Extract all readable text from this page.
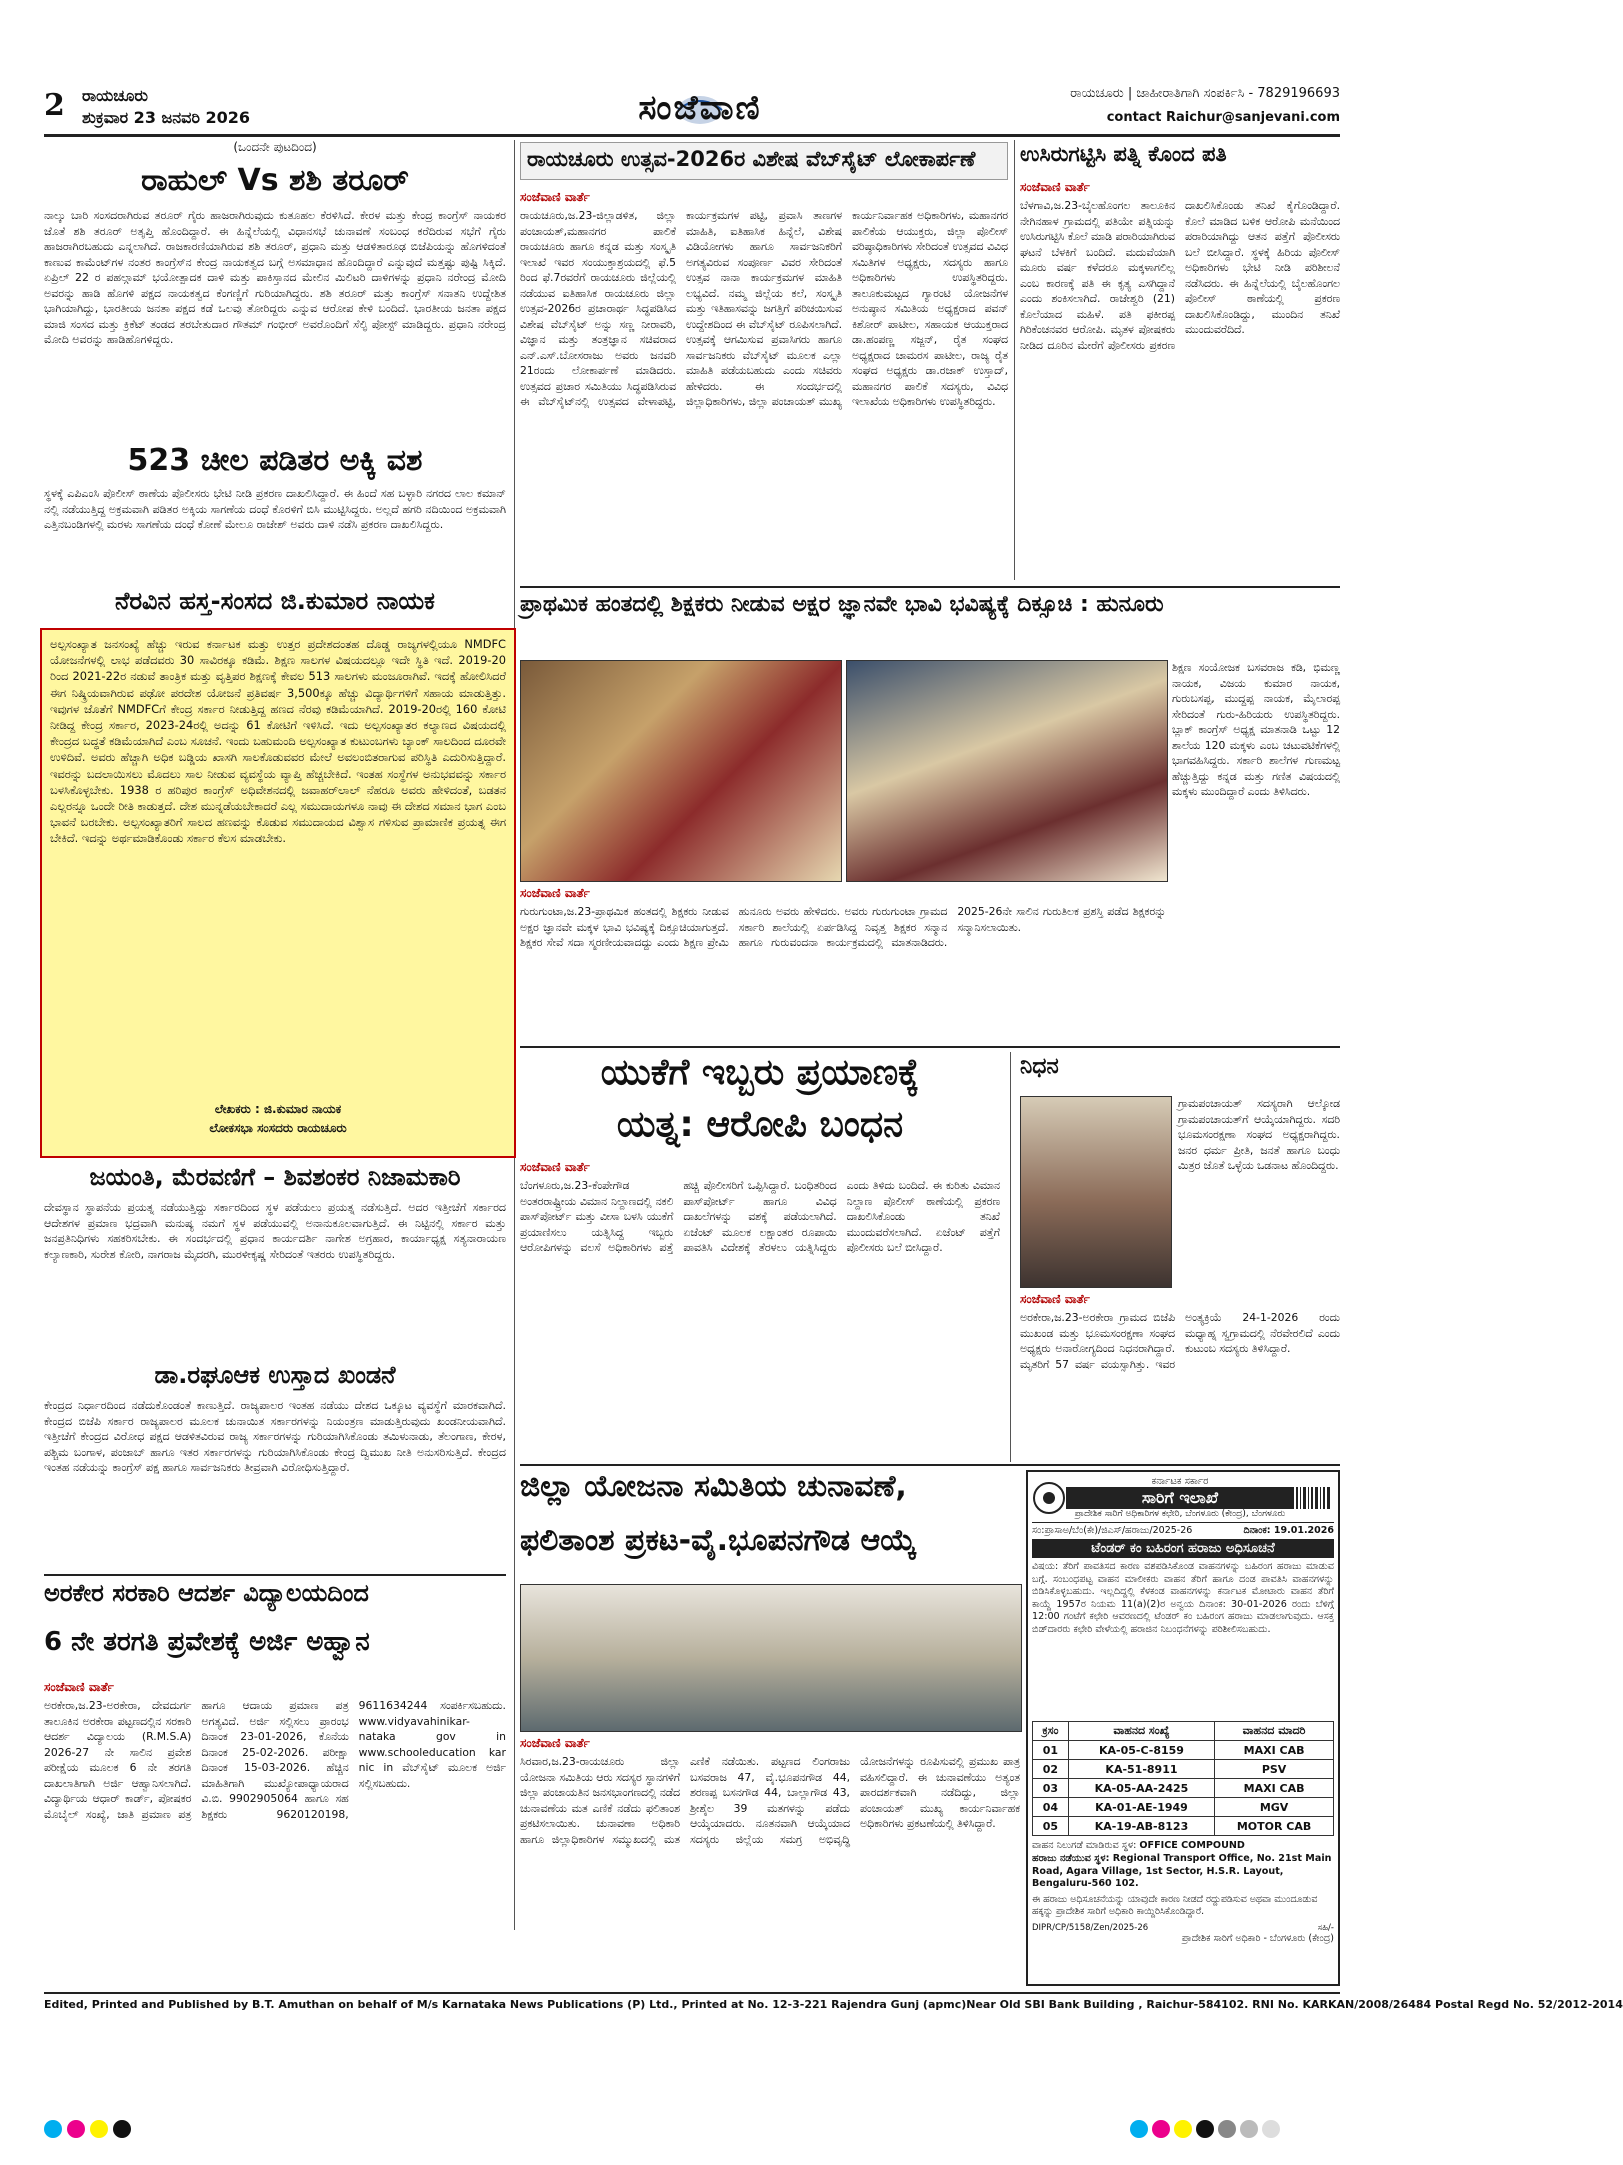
2	ರಾಯಚೂರು
ಶುಕ್ರವಾರ 23 ಜನವರಿ 2026	ಸಂಜೆವಾಣಿ	ರಾಯಚೂರು | ಜಾಹೀರಾತಿಗಾಗಿ ಸಂಪರ್ಕಿಸಿ - 7829196693
contact Raichur@sanjevani.com
(ಒಂದನೇ ಪುಟದಿಂದ)
ರಾಹುಲ್ Vs ಶಶಿ ತರೂರ್
ನಾಲ್ಕು ಬಾರಿ ಸಂಸದರಾಗಿರುವ ತರೂರ್ ಗೈರು ಹಾಜರಾಗಿರುವುದು ಕುತೂಹಲ ಕೆರಳಿಸಿದೆ. ಕೇರಳ ಮತ್ತು ಕೇಂದ್ರ ಕಾಂಗ್ರೆಸ್ ನಾಯಕರ ಜೊತೆ ಶಶಿ ತರೂರ್ ಅತೃಪ್ತಿ ಹೊಂದಿದ್ದಾರೆ. ಈ ಹಿನ್ನೆಲೆಯಲ್ಲಿ ವಿಧಾನಸಭೆ ಚುನಾವಣೆ ಸಂಬಂಧ ಕರೆದಿರುವ ಸಭೆಗೆ ಗೈರು ಹಾಜರಾಗಿರಬಹುದು ಎನ್ನಲಾಗಿದೆ. ರಾಜಕಾರಣಿಯಾಗಿರುವ ಶಶಿ ತರೂರ್, ಪ್ರಧಾನಿ ಮತ್ತು ಆಡಳಿತಾರೂಢ ಬಿಜೆಪಿಯನ್ನು ಹೊಗಳಿದಂತೆ ಕಾಣುವ ಕಾಮೆಂಟ್‌ಗಳ ನಂತರ ಕಾಂಗ್ರೆಸ್‌ನ ಕೇಂದ್ರ ನಾಯಕತ್ವದ ಬಗ್ಗೆ ಅಸಮಾಧಾನ ಹೊಂದಿದ್ದಾರೆ ಎನ್ನುವುದೆ ಮತ್ತಷ್ಟು ಪುಷ್ಟಿ ಸಿಕ್ಕಿದೆ. ಏಪ್ರಿಲ್ 22 ರ ಪಹಲ್ಗಾಮ್ ಭಯೋತ್ಪಾದಕ ದಾಳಿ ಮತ್ತು ಪಾಕಿಸ್ತಾನದ ಮೇಲಿನ ಮಿಲಿಟರಿ ದಾಳಿಗಳನ್ನು ಪ್ರಧಾನಿ ನರೇಂದ್ರ ಮೋದಿ ಅವರನ್ನು ಹಾಡಿ ಹೊಗಳಿ ಪಕ್ಷದ ನಾಯಕತ್ವದ ಕೆಂಗಣ್ಣಿಗೆ ಗುರಿಯಾಗಿದ್ದರು. ಶಶಿ ತರೂರ್ ಮತ್ತು ಕಾಂಗ್ರೆಸ್ ಸನಾತನಿ ಉದ್ದೇಶಿತ ಭಾಗಿಯಾಗಿದ್ದು, ಭಾರತೀಯ ಜನತಾ ಪಕ್ಷದ ಕಡೆ ಒಲವು ತೋರಿದ್ದರು ಎನ್ನುವ ಆರೋಪ ಕೇಳಿ ಬಂದಿದೆ. ಭಾರತೀಯ ಜನತಾ ಪಕ್ಷದ ಮಾಜಿ ಸಂಸದ ಮತ್ತು ಕ್ರಿಕೆಟ್ ತಂಡದ ತರಬೇತುದಾರ ಗೌತಮ್ ಗಂಭೀರ್ ಅವರೊಂದಿಗೆ ಸೆಲ್ಫಿ ಪೋಸ್ಟ್ ಮಾಡಿದ್ದರು. ಪ್ರಧಾನಿ ನರೇಂದ್ರ ಮೋದಿ ಅವರನ್ನು ಹಾಡಿಹೊಗಳಿದ್ದರು.
523 ಚೀಲ ಪಡಿತರ ಅಕ್ಕಿ ವಶ
ಸ್ಥಳಕ್ಕೆ ಎಪಿಎಂಸಿ ಪೊಲೀಸ್ ಠಾಣೆಯ ಪೊಲೀಸರು ಭೇಟಿ ನೀಡಿ ಪ್ರಕರಣ ದಾಖಲಿಸಿದ್ದಾರೆ. ಈ ಹಿಂದೆ ಸಹ ಬಳ್ಳಾರಿ ನಗರದ ಲಾಲ ಕಮಾನ್ ನಲ್ಲಿ ನಡೆಯುತ್ತಿದ್ದ ಅಕ್ರಮವಾಗಿ ಪಡಿತರ ಅಕ್ಕಿಯ ಸಾಗಣೆಯ ದಂಧೆ ಕೊರಳಿಗೆ ಬಿಸಿ ಮುಟ್ಟಿಸಿದ್ದರು. ಅಲ್ಲದೆ ಹಗರಿ ನದಿಯಿಂದ ಅಕ್ರಮವಾಗಿ ಎತ್ತಿನಬಂಡಿಗಳಲ್ಲಿ ಮರಳು ಸಾಗಣೆಯ ದಂಧೆ ಕೋಣೆ ಮೇಲೂ ರಾಜೇಶ್ ಅವರು ದಾಳಿ ನಡೆಸಿ ಪ್ರಕರಣ ದಾಖಲಿಸಿದ್ದರು.
ನೆರವಿನ ಹಸ್ತ-ಸಂಸದ ಜಿ.ಕುಮಾರ ನಾಯಕ
ಅಲ್ಪಸಂಖ್ಯಾತ ಜನಸಂಖ್ಯೆ ಹೆಚ್ಚು ಇರುವ ಕರ್ನಾಟಕ ಮತ್ತು ಉತ್ತರ ಪ್ರದೇಶದಂತಹ ದೊಡ್ಡ ರಾಜ್ಯಗಳಲ್ಲಿಯೂ NMDFC ಯೋಜನೆಗಳಲ್ಲಿ ಲಾಭ ಪಡೆದವರು 30 ಸಾವಿರಕ್ಕೂ ಕಡಿಮೆ. ಶಿಕ್ಷಣ ಸಾಲಗಳ ವಿಷಯದಲ್ಲೂ ಇದೇ ಸ್ಥಿತಿ ಇದೆ. 2019-20 ರಿಂದ 2021-22ರ ನಡುವೆ ತಾಂತ್ರಿಕ ಮತ್ತು ವೃತ್ತಿಪರ ಶಿಕ್ಷಣಕ್ಕೆ ಕೇವಲ 513 ಸಾಲಗಳು ಮಂಜೂರಾಗಿವೆ. ಇದಕ್ಕೆ ಹೋಲಿಸಿದರೆ ಈಗ ನಿಷ್ಕ್ರಿಯವಾಗಿರುವ ಪಢೋ ಪರದೇಶ ಯೋಜನೆ ಪ್ರತಿವರ್ಷ 3,500ಕ್ಕೂ ಹೆಚ್ಚು ವಿದ್ಯಾರ್ಥಿಗಳಿಗೆ ಸಹಾಯ ಮಾಡುತ್ತಿತ್ತು. ಇವುಗಳ ಜೊತೆಗೆ NMDFCಗೆ ಕೇಂದ್ರ ಸರ್ಕಾರ ನೀಡುತ್ತಿದ್ದ ಹಣದ ನೆರವು ಕಡಿಮೆಯಾಗಿದೆ. 2019-20ರಲ್ಲಿ 160 ಕೋಟಿ ನೀಡಿದ್ದ ಕೇಂದ್ರ ಸರ್ಕಾರ, 2023-24ರಲ್ಲಿ ಅದನ್ನು 61 ಕೋಟಿಗೆ ಇಳಿಸಿದೆ. ಇದು ಅಲ್ಪಸಂಖ್ಯಾತರ ಕಲ್ಯಾಣದ ವಿಷಯದಲ್ಲಿ ಕೇಂದ್ರದ ಬದ್ಧತೆ ಕಡಿಮೆಯಾಗಿದೆ ಎಂಬ ಸೂಚನೆ. ಇಂದು ಬಹುಮಂದಿ ಅಲ್ಪಸಂಖ್ಯಾತ ಕುಟುಂಬಗಳು ಬ್ಯಾಂಕ್ ಸಾಲದಿಂದ ದೂರವೇ ಉಳಿದಿವೆ. ಅವರು ಹೆಚ್ಚಾಗಿ ಅಧಿಕ ಬಡ್ಡಿಯ ಖಾಸಗಿ ಸಾಲಕೊಡುವವರ ಮೇಲೆ ಅವಲಂಬಿತರಾಗುವ ಪರಿಸ್ಥಿತಿ ಎದುರಿಸುತ್ತಿದ್ದಾರೆ. ಇವರನ್ನು ಬದಲಾಯಿಸಲು ಮೊದಲು ಸಾಲ ನೀಡುವ ವ್ಯವಸ್ಥೆಯ ವ್ಯಾಪ್ತಿ ಹೆಚ್ಚಬೇಕಿದೆ. ಇಂತಹ ಸಂಸ್ಥೆಗಳ ಅನುಭವವನ್ನು ಸರ್ಕಾರ ಬಳಸಿಕೊಳ್ಳಬೇಕು. 1938 ರ ಹರಿಪುರ ಕಾಂಗ್ರೆಸ್ ಅಧಿವೇಶನದಲ್ಲಿ ಜವಾಹರ್‌ಲಾಲ್ ನೆಹರೂ ಅವರು ಹೇಳಿದಂತೆ, ಬಡತನ ಎಲ್ಲರನ್ನೂ ಒಂದೇ ರೀತಿ ಕಾಡುತ್ತದೆ. ದೇಶ ಮುನ್ನಡೆಯಬೇಕಾದರೆ ಎಲ್ಲ ಸಮುದಾಯಗಳೂ ನಾವು ಈ ದೇಶದ ಸಮಾನ ಭಾಗ ಎಂಬ ಭಾವನೆ ಬರಬೇಕು. ಅಲ್ಪಸಂಖ್ಯಾತರಿಗೆ ಸಾಲದ ಹಣವನ್ನು ಕೊಡುವ ಸಮುದಾಯದ ವಿಶ್ವಾಸ ಗಳಿಸುವ ಪ್ರಾಮಾಣಿಕ ಪ್ರಯತ್ನ ಈಗ ಬೇಕಿದೆ. ಇದನ್ನು ಅರ್ಥಮಾಡಿಕೊಂಡು ಸರ್ಕಾರ ಕೆಲಸ ಮಾಡಬೇಕು.
ಲೇಖಕರು : ಜಿ.ಕುಮಾರ ನಾಯಕ
ಲೋಕಸಭಾ ಸಂಸದರು ರಾಯಚೂರು
ಜಯಂತಿ, ಮೆರವಣಿಗೆ – ಶಿವಶಂಕರ ನಿಜಾಮಕಾರಿ
ದೇವಸ್ಥಾನ ಸ್ಥಾಪನೆಯ ಪ್ರಯತ್ನ ನಡೆಯುತ್ತಿದ್ದು ಸರ್ಕಾರದಿಂದ ಸ್ಥಳ ಪಡೆಯಲು ಪ್ರಯತ್ನ ನಡೆಸುತ್ತಿದೆ. ಅದರ ಇತ್ತೀಚೆಗೆ ಸರ್ಕಾರದ ಆದೇಶಗಳ ಪ್ರಮಾಣ ಭದ್ರವಾಗಿ ಮನುಷ್ಯ ನಮಗೆ ಸ್ಥಳ ಪಡೆಯುವಲ್ಲಿ ಅನಾನುಕೂಲವಾಗುತ್ತಿದೆ. ಈ ನಿಟ್ಟಿನಲ್ಲಿ ಸರ್ಕಾರ ಮತ್ತು ಜನಪ್ರತಿನಿಧಿಗಳು ಸಹಕರಿಸಬೇಕು. ಈ ಸಂದರ್ಭದಲ್ಲಿ ಪ್ರಧಾನ ಕಾರ್ಯದರ್ಶಿ ನಾಗೇಶ ಅಗ್ರಹಾರ, ಕಾರ್ಯಾಧ್ಯಕ್ಷ ಸತ್ಯನಾರಾಯಣ ಕಲ್ಯಾಣಕಾರಿ, ಸುರೇಶ ಕೋರಿ, ನಾಗರಾಜ ಮೈದರಗಿ, ಮುರಳೀಕೃಷ್ಣ ಸೇರಿದಂತೆ ಇತರರು ಉಪಸ್ಥಿತರಿದ್ದರು.
ಡಾ.ರಘೂಆಕ ಉಸ್ತಾದ ಖಂಡನೆ
ಕೇಂದ್ರದ ನಿರ್ಧಾರದಿಂದ ನಡೆದುಕೊಂಡಂತೆ ಕಾಣುತ್ತಿದೆ. ರಾಜ್ಯಪಾಲರ ಇಂತಹ ನಡೆಯು ದೇಶದ ಒಕ್ಕೂಟ ವ್ಯವಸ್ಥೆಗೆ ಮಾರಕವಾಗಿದೆ. ಕೇಂದ್ರದ ಬಿಜೆಪಿ ಸರ್ಕಾರ ರಾಜ್ಯಪಾಲರ ಮೂಲಕ ಚುನಾಯಿತ ಸರ್ಕಾರಗಳನ್ನು ನಿಯಂತ್ರಣ ಮಾಡುತ್ತಿರುವುದು ಖಂಡನೀಯವಾಗಿದೆ. ಇತ್ತೀಚೆಗೆ ಕೇಂದ್ರದ ವಿರೋಧ ಪಕ್ಷದ ಆಡಳಿತವಿರುವ ರಾಜ್ಯ ಸರ್ಕಾರಗಳನ್ನು ಗುರಿಯಾಗಿಸಿಕೊಂಡು ತಮಿಳುನಾಡು, ತೆಲಂಗಾಣ, ಕೇರಳ, ಪಶ್ಚಿಮ ಬಂಗಾಳ, ಪಂಜಾಬ್ ಹಾಗೂ ಇತರ ಸರ್ಕಾರಗಳನ್ನು ಗುರಿಯಾಗಿಸಿಕೊಂಡು ಕೇಂದ್ರ ದ್ವಿಮುಖ ನೀತಿ ಅನುಸರಿಸುತ್ತಿದೆ. ಕೇಂದ್ರದ ಇಂತಹ ನಡೆಯನ್ನು ಕಾಂಗ್ರೆಸ್ ಪಕ್ಷ ಹಾಗೂ ಸಾರ್ವಜನಿಕರು ತೀವ್ರವಾಗಿ ವಿರೋಧಿಸುತ್ತಿದ್ದಾರೆ.
ರಾಯಚೂರು ಉತ್ಸವ-2026ರ ವಿಶೇಷ ವೆಬ್‌ಸೈಟ್ ಲೋಕಾರ್ಪಣೆ
ಸಂಜೆವಾಣಿ ವಾರ್ತೆ
ರಾಯಚೂರು,ಜ.23-ಜಿಲ್ಲಾಡಳಿತ, ಜಿಲ್ಲಾ ಪಂಚಾಯತ್,ಮಹಾನಗರ ಪಾಲಿಕೆ ರಾಯಚೂರು ಹಾಗೂ ಕನ್ನಡ ಮತ್ತು ಸಂಸ್ಕೃತಿ ಇಲಾಖೆ ಇವರ ಸಂಯುಕ್ತಾಶ್ರಯದಲ್ಲಿ ಫೆ.5 ರಿಂದ ಫೆ.7ರವರೆಗೆ ರಾಯಚೂರು ಜಿಲ್ಲೆಯಲ್ಲಿ ನಡೆಯುವ ಐತಿಹಾಸಿಕ ರಾಯಚೂರು ಜಿಲ್ಲಾ ಉತ್ಸವ-2026ರ ಪ್ರಚಾರಾರ್ಥ ಸಿದ್ಧಪಡಿಸಿದ ವಿಶೇಷ ವೆಬ್‌ಸೈಟ್ ಅನ್ನು ಸಣ್ಣ ನೀರಾವರಿ, ವಿಜ್ಞಾನ ಮತ್ತು ತಂತ್ರಜ್ಞಾನ ಸಚಿವರಾದ ಎನ್.ಎಸ್.ಬೋಸರಾಜು ಅವರು ಜನವರಿ 21ರಂದು ಲೋಕಾರ್ಪಣೆ ಮಾಡಿದರು. ಉತ್ಸವದ ಪ್ರಚಾರ ಸಮಿತಿಯು ಸಿದ್ಧಪಡಿಸಿರುವ ಈ ವೆಬ್‌ಸೈಟ್‌ನಲ್ಲಿ ಉತ್ಸವದ ವೇಳಾಪಟ್ಟಿ, ಕಾರ್ಯಕ್ರಮಗಳ ಪಟ್ಟಿ, ಪ್ರವಾಸಿ ತಾಣಗಳ ಮಾಹಿತಿ, ಐತಿಹಾಸಿಕ ಹಿನ್ನೆಲೆ, ವಿಶೇಷ ವಿಡಿಯೋಗಳು ಹಾಗೂ ಸಾರ್ವಜನಿಕರಿಗೆ ಅಗತ್ಯವಿರುವ ಸಂಪೂರ್ಣ ವಿವರ ಸೇರಿದಂತೆ ಉತ್ಸವ ನಾನಾ ಕಾರ್ಯಕ್ರಮಗಳ ಮಾಹಿತಿ ಲಭ್ಯವಿದೆ. ನಮ್ಮ ಜಿಲ್ಲೆಯ ಕಲೆ, ಸಂಸ್ಕೃತಿ ಮತ್ತು ಇತಿಹಾಸವನ್ನು ಜಗತ್ತಿಗೆ ಪರಿಚಯಿಸುವ ಉದ್ದೇಶದಿಂದ ಈ ವೆಬ್‌ಸೈಟ್ ರೂಪಿಸಲಾಗಿದೆ. ಉತ್ಸವಕ್ಕೆ ಆಗಮಿಸುವ ಪ್ರವಾಸಿಗರು ಹಾಗೂ ಸಾರ್ವಜನಿಕರು ವೆಬ್‌ಸೈಟ್ ಮೂಲಕ ಎಲ್ಲಾ ಮಾಹಿತಿ ಪಡೆಯಬಹುದು ಎಂದು ಸಚಿವರು ಹೇಳಿದರು. ಈ ಸಂದರ್ಭದಲ್ಲಿ ಜಿಲ್ಲಾಧಿಕಾರಿಗಳು, ಜಿಲ್ಲಾ ಪಂಚಾಯತ್ ಮುಖ್ಯ ಕಾರ್ಯನಿರ್ವಾಹಕ ಅಧಿಕಾರಿಗಳು, ಮಹಾನಗರ ಪಾಲಿಕೆಯ ಆಯುಕ್ತರು, ಜಿಲ್ಲಾ ಪೊಲೀಸ್ ವರಿಷ್ಠಾಧಿಕಾರಿಗಳು ಸೇರಿದಂತೆ ಉತ್ಸವದ ವಿವಿಧ ಸಮಿತಿಗಳ ಅಧ್ಯಕ್ಷರು, ಸದಸ್ಯರು ಹಾಗೂ ಅಧಿಕಾರಿಗಳು ಉಪಸ್ಥಿತರಿದ್ದರು. ತಾಲೂಕುಮಟ್ಟದ ಗ್ಯಾರಂಟಿ ಯೋಜನೆಗಳ ಅನುಷ್ಠಾನ ಸಮಿತಿಯ ಅಧ್ಯಕ್ಷರಾದ ಪವನ್ ಕಿಶೋರ್ ಪಾಟೀಲ, ಸಹಾಯಕ ಆಯುಕ್ತರಾದ ಡಾ.ಹಂಪಣ್ಣ ಸಜ್ಜನ್, ರೈತ ಸಂಘದ ಅಧ್ಯಕ್ಷರಾದ ಚಾಮರಸ ಪಾಟೀಲ, ರಾಜ್ಯ ರೈತ ಸಂಘದ ಅಧ್ಯಕ್ಷರು ಡಾ.ರಜಾಕ್ ಉಸ್ತಾದ್, ಮಹಾನಗರ ಪಾಲಿಕೆ ಸದಸ್ಯರು, ವಿವಿಧ ಇಲಾಖೆಯ ಅಧಿಕಾರಿಗಳು ಉಪಸ್ಥಿತರಿದ್ದರು.
ಉಸಿರುಗಟ್ಟಿಸಿ ಪತ್ನಿ ಕೊಂದ ಪತಿ
ಸಂಜೆವಾಣಿ ವಾರ್ತೆ
ಬೆಳಗಾವಿ,ಜ.23-ಬೈಲಹೊಂಗಲ ತಾಲೂಕಿನ ನೇಗಿನಹಾಳ ಗ್ರಾಮದಲ್ಲಿ ಪತಿಯೇ ಪತ್ನಿಯನ್ನು ಉಸಿರುಗಟ್ಟಿಸಿ ಕೊಲೆ ಮಾಡಿ ಪರಾರಿಯಾಗಿರುವ ಘಟನೆ ಬೆಳಕಿಗೆ ಬಂದಿದೆ. ಮದುವೆಯಾಗಿ ಮೂರು ವರ್ಷ ಕಳೆದರೂ ಮಕ್ಕಳಾಗಲಿಲ್ಲ ಎಂಬ ಕಾರಣಕ್ಕೆ ಪತಿ ಈ ಕೃತ್ಯ ಎಸಗಿದ್ದಾನೆ ಎಂದು ಶಂಕಿಸಲಾಗಿದೆ. ರಾಜೇಶ್ವರಿ (21) ಕೊಲೆಯಾದ ಮಹಿಳೆ. ಪತಿ ಫಕೀರಪ್ಪ ಗಿರಿಕೆಂಚನವರ ಆರೋಪಿ. ಮೃತಳ ಪೋಷಕರು ನೀಡಿದ ದೂರಿನ ಮೇರೆಗೆ ಪೊಲೀಸರು ಪ್ರಕರಣ ದಾಖಲಿಸಿಕೊಂಡು ತನಿಖೆ ಕೈಗೊಂಡಿದ್ದಾರೆ. ಕೊಲೆ ಮಾಡಿದ ಬಳಿಕ ಆರೋಪಿ ಮನೆಯಿಂದ ಪರಾರಿಯಾಗಿದ್ದು ಆತನ ಪತ್ತೆಗೆ ಪೊಲೀಸರು ಬಲೆ ಬೀಸಿದ್ದಾರೆ. ಸ್ಥಳಕ್ಕೆ ಹಿರಿಯ ಪೊಲೀಸ್ ಅಧಿಕಾರಿಗಳು ಭೇಟಿ ನೀಡಿ ಪರಿಶೀಲನೆ ನಡೆಸಿದರು. ಈ ಹಿನ್ನೆಲೆಯಲ್ಲಿ ಬೈಲಹೊಂಗಲ ಪೊಲೀಸ್ ಠಾಣೆಯಲ್ಲಿ ಪ್ರಕರಣ ದಾಖಲಿಸಿಕೊಂಡಿದ್ದು, ಮುಂದಿನ ತನಿಖೆ ಮುಂದುವರೆದಿದೆ.
ಪ್ರಾಥಮಿಕ ಹಂತದಲ್ಲಿ ಶಿಕ್ಷಕರು ನೀಡುವ ಅಕ್ಷರ ಜ್ಞಾನವೇ ಭಾವಿ ಭವಿಷ್ಯಕ್ಕೆ ದಿಕ್ಸೂಚಿ : ಹುನೂರು
ಶಿಕ್ಷಣ ಸಂಯೋಜಕ ಬಸವರಾಜ ಕಡಿ, ಭಿಮಣ್ಣ ನಾಯಕ, ವಿಜಯ ಕುಮಾರ ನಾಯಕ, ಗುರುಬಸಪ್ಪ, ಮುದ್ದಪ್ಪ ನಾಯಕ, ಮೈಲಾರಪ್ಪ ಸೇರಿದಂತೆ ಗುರು-ಹಿರಿಯರು ಉಪಸ್ಥಿತರಿದ್ದರು. ಬ್ಲಾಕ್ ಕಾಂಗ್ರೆಸ್ ಅಧ್ಯಕ್ಷ ಮಾತನಾಡಿ ಒಟ್ಟು 12 ಶಾಲೆಯ 120 ಮಕ್ಕಳು ಎಂಬ ಚಟುವಟಿಕೆಗಳಲ್ಲಿ ಭಾಗವಹಿಸಿದ್ದರು. ಸರ್ಕಾರಿ ಶಾಲೆಗಳ ಗುಣಮಟ್ಟ ಹೆಚ್ಚುತ್ತಿದ್ದು ಕನ್ನಡ ಮತ್ತು ಗಣಿತ ವಿಷಯದಲ್ಲಿ ಮಕ್ಕಳು ಮುಂದಿದ್ದಾರೆ ಎಂದು ತಿಳಿಸಿದರು.
ಸಂಜೆವಾಣಿ ವಾರ್ತೆ
ಗುರುಗುಂಟಾ,ಜ.23-ಪ್ರಾಥಮಿಕ ಹಂತದಲ್ಲಿ ಶಿಕ್ಷಕರು ನೀಡುವ ಅಕ್ಷರ ಜ್ಞಾನವೇ ಮಕ್ಕಳ ಭಾವಿ ಭವಿಷ್ಯಕ್ಕೆ ದಿಕ್ಸೂಚಿಯಾಗುತ್ತದೆ. ಶಿಕ್ಷಕರ ಸೇವೆ ಸದಾ ಸ್ಮರಣೀಯವಾದದ್ದು ಎಂದು ಶಿಕ್ಷಣ ಪ್ರೇಮಿ ಹುನೂರು ಅವರು ಹೇಳಿದರು. ಅವರು ಗುರುಗುಂಟಾ ಗ್ರಾಮದ ಸರ್ಕಾರಿ ಶಾಲೆಯಲ್ಲಿ ಏರ್ಪಡಿಸಿದ್ದ ನಿವೃತ್ತ ಶಿಕ್ಷಕರ ಸನ್ಮಾನ ಹಾಗೂ ಗುರುವಂದನಾ ಕಾರ್ಯಕ್ರಮದಲ್ಲಿ ಮಾತನಾಡಿದರು. 2025-26ನೇ ಸಾಲಿನ ಗುರುತಿಲಕ ಪ್ರಶಸ್ತಿ ಪಡೆದ ಶಿಕ್ಷಕರನ್ನು ಸನ್ಮಾನಿಸಲಾಯಿತು.
ಯುಕೆಗೆ ಇಬ್ಬರು ಪ್ರಯಾಣಕ್ಕೆ
ಯತ್ನ: ಆರೋಪಿ ಬಂಧನ
ಸಂಜೆವಾಣಿ ವಾರ್ತೆ
ಬೆಂಗಳೂರು,ಜ.23-ಕೆಂಪೇಗೌಡ ಅಂತರರಾಷ್ಟ್ರೀಯ ವಿಮಾನ ನಿಲ್ದಾಣದಲ್ಲಿ ನಕಲಿ ಪಾಸ್‌ಪೋರ್ಟ್ ಮತ್ತು ವೀಸಾ ಬಳಸಿ ಯುಕೆಗೆ ಪ್ರಯಾಣಿಸಲು ಯತ್ನಿಸಿದ್ದ ಇಬ್ಬರು ಆರೋಪಿಗಳನ್ನು ವಲಸೆ ಅಧಿಕಾರಿಗಳು ಪತ್ತೆ ಹಚ್ಚಿ ಪೊಲೀಸರಿಗೆ ಒಪ್ಪಿಸಿದ್ದಾರೆ. ಬಂಧಿತರಿಂದ ಪಾಸ್‌ಪೋರ್ಟ್ ಹಾಗೂ ವಿವಿಧ ದಾಖಲೆಗಳನ್ನು ವಶಕ್ಕೆ ಪಡೆಯಲಾಗಿದೆ. ಏಜೆಂಟ್ ಮೂಲಕ ಲಕ್ಷಾಂತರ ರೂಪಾಯಿ ಪಾವತಿಸಿ ವಿದೇಶಕ್ಕೆ ತೆರಳಲು ಯತ್ನಿಸಿದ್ದರು ಎಂದು ತಿಳಿದು ಬಂದಿದೆ. ಈ ಕುರಿತು ವಿಮಾನ ನಿಲ್ದಾಣ ಪೊಲೀಸ್ ಠಾಣೆಯಲ್ಲಿ ಪ್ರಕರಣ ದಾಖಲಿಸಿಕೊಂಡು ತನಿಖೆ ಮುಂದುವರೆಸಲಾಗಿದೆ. ಏಜೆಂಟ್ ಪತ್ತೆಗೆ ಪೊಲೀಸರು ಬಲೆ ಬೀಸಿದ್ದಾರೆ.
ನಿಧನ
ಗ್ರಾಮಪಂಚಾಯತ್ ಸದಸ್ಯರಾಗಿ ಆಲ್ಕೋಡ ಗ್ರಾಮಪಂಚಾಯತ್‌ಗೆ ಆಯ್ಕೆಯಾಗಿದ್ದರು. ಸದರಿ ಭೂಮಸಂರಕ್ಷಣಾ ಸಂಘದ ಅಧ್ಯಕ್ಷರಾಗಿದ್ದರು. ಜನರ ಧರ್ಮ ಪ್ರೀತಿ, ಜನತೆ ಹಾಗೂ ಬಂಧು ಮಿತ್ರರ ಜೊತೆ ಒಳ್ಳೆಯ ಒಡನಾಟ ಹೊಂದಿದ್ದರು.
ಸಂಜೆವಾಣಿ ವಾರ್ತೆ
ಅರಕೇರಾ,ಜ.23-ಅರಕೇರಾ ಗ್ರಾಮದ ಬಿಜೆಪಿ ಮುಖಂಡ ಮತ್ತು ಭೂಮಸಂರಕ್ಷಣಾ ಸಂಘದ ಅಧ್ಯಕ್ಷರು ಅನಾರೋಗ್ಯದಿಂದ ನಿಧನರಾಗಿದ್ದಾರೆ. ಮೃತರಿಗೆ 57 ವರ್ಷ ವಯಸ್ಸಾಗಿತ್ತು. ಇವರ ಅಂತ್ಯಕ್ರಿಯೆ 24-1-2026 ರಂದು ಮಧ್ಯಾಹ್ನ ಸ್ವಗ್ರಾಮದಲ್ಲಿ ನೆರವೇರಲಿದೆ ಎಂದು ಕುಟುಂಬ ಸದಸ್ಯರು ತಿಳಿಸಿದ್ದಾರೆ.
ಅರಕೇರ ಸರಕಾರಿ ಆದರ್ಶ ವಿದ್ಯಾಲಯದಿಂದ
6 ನೇ ತರಗತಿ ಪ್ರವೇಶಕ್ಕೆ ಅರ್ಜಿ ಅಹ್ವಾನ
ಸಂಜೆವಾಣಿ ವಾರ್ತೆ
ಅರಕೇರಾ,ಜ.23-ಅರಕೇರಾ, ದೇವದುರ್ಗ ತಾಲೂಕಿನ ಅರಕೇರಾ ಪಟ್ಟಣದಲ್ಲಿನ ಸರಕಾರಿ ಆದರ್ಶ ವಿದ್ಯಾಲಯ (R.M.S.A) 2026-27 ನೇ ಸಾಲಿನ ಪ್ರವೇಶ ಪರೀಕ್ಷೆಯ ಮೂಲಕ 6 ನೇ ತರಗತಿ ದಾಖಲಾತಿಗಾಗಿ ಅರ್ಜಿ ಆಹ್ವಾನಿಸಲಾಗಿದೆ. ವಿದ್ಯಾರ್ಥಿಯ ಆಧಾರ್ ಕಾರ್ಡ್, ಪೋಷಕರ ಮೊಬೈಲ್ ಸಂಖ್ಯೆ, ಜಾತಿ ಪ್ರಮಾಣ ಪತ್ರ ಹಾಗೂ ಆದಾಯ ಪ್ರಮಾಣ ಪತ್ರ ಅಗತ್ಯವಿದೆ. ಅರ್ಜಿ ಸಲ್ಲಿಸಲು ಪ್ರಾರಂಭ ದಿನಾಂಕ 23-01-2026, ಕೊನೆಯ ದಿನಾಂಕ 25-02-2026. ಪರೀಕ್ಷಾ ದಿನಾಂಕ 15-03-2026. ಹೆಚ್ಚಿನ ಮಾಹಿತಿಗಾಗಿ ಮುಖ್ಯೋಪಾಧ್ಯಾಯರಾದ ವಿ.ಬಿ. 9902905064 ಹಾಗೂ ಸಹ ಶಿಕ್ಷಕರು 9620120198, 9611634244 ಸಂಪರ್ಕಿಸಬಹುದು. www.vidyavahinikar-nataka gov in www.schooleducation kar nic in ವೆಬ್‌ಸೈಟ್ ಮೂಲಕ ಅರ್ಜಿ ಸಲ್ಲಿಸಬಹುದು.
ಜಿಲ್ಲಾ ಯೋಜನಾ ಸಮಿತಿಯ ಚುನಾವಣೆ,
ಫಲಿತಾಂಶ ಪ್ರಕಟ-ವೈ.ಭೂಪನಗೌಡ ಆಯ್ಕೆ
ಸಂಜೆವಾಣಿ ವಾರ್ತೆ
ಸಿರವಾರ,ಜ.23-ರಾಯಚೂರು ಜಿಲ್ಲಾ ಯೋಜನಾ ಸಮಿತಿಯ ಆರು ಸದಸ್ಯರ ಸ್ಥಾನಗಳಿಗೆ ಜಿಲ್ಲಾ ಪಂಚಾಯತಿನ ಜನಸಭಾಂಗಣದಲ್ಲಿ ನಡೆದ ಚುನಾವಣೆಯ ಮತ ಎಣಿಕೆ ನಡೆದು ಫಲಿತಾಂಶ ಪ್ರಕಟಿಸಲಾಯಿತು. ಚುನಾವಣಾ ಅಧಿಕಾರಿ ಹಾಗೂ ಜಿಲ್ಲಾಧಿಕಾರಿಗಳ ಸಮ್ಮುಖದಲ್ಲಿ ಮತ ಎಣಿಕೆ ನಡೆಯಿತು. ಪಟ್ಟಣದ ಲಿಂಗರಾಜು ಬಸವರಾಜ 47, ವೈ.ಭೂಪನಗೌಡ 44, ಶರಣಪ್ಪ ಬಸನಗೌಡ 44, ಬಾಲ್ಲಾಗೌಡ 43, ಶ್ರೀಶೈಲ 39 ಮತಗಳನ್ನು ಪಡೆದು ಆಯ್ಕೆಯಾದರು. ನೂತನವಾಗಿ ಆಯ್ಕೆಯಾದ ಸದಸ್ಯರು ಜಿಲ್ಲೆಯ ಸಮಗ್ರ ಅಭಿವೃದ್ಧಿ ಯೋಜನೆಗಳನ್ನು ರೂಪಿಸುವಲ್ಲಿ ಪ್ರಮುಖ ಪಾತ್ರ ವಹಿಸಲಿದ್ದಾರೆ. ಈ ಚುನಾವಣೆಯು ಅತ್ಯಂತ ಪಾರದರ್ಶಕವಾಗಿ ನಡೆದಿದ್ದು, ಜಿಲ್ಲಾ ಪಂಚಾಯತ್ ಮುಖ್ಯ ಕಾರ್ಯನಿರ್ವಾಹಕ ಅಧಿಕಾರಿಗಳು ಪ್ರಕಟಣೆಯಲ್ಲಿ ತಿಳಿಸಿದ್ದಾರೆ.
ಕರ್ನಾಟಕ ಸರ್ಕಾರ
ಸಾರಿಗೆ ಇಲಾಖೆ
ಪ್ರಾದೇಶಿಕ ಸಾರಿಗೆ ಅಧಿಕಾರಿಗಳ ಕಛೇರಿ, ಬೆಂಗಳೂರು (ಕೇಂದ್ರ), ಬೆಂಗಳೂರು
ಸಂ:ಪ್ರಾಸಾಅ/ಬೆಂ(ಕೇ)/ಜಿಎಸ್/ಹರಾಜು/2025-26	ದಿನಾಂಕ: 19.01.2026
ಟೆಂಡರ್ ಕಂ ಬಹಿರಂಗ ಹರಾಜು ಅಧಿಸೂಚನೆ
ವಿಷಯ: ತೆರಿಗೆ ಪಾವತಿಸದ ಕಾರಣ ವಶಪಡಿಸಿಕೊಂಡ ವಾಹನಗಳನ್ನು ಬಹಿರಂಗ ಹರಾಜು ಮಾಡುವ ಬಗ್ಗೆ. ಸಂಬಂಧಪಟ್ಟ ವಾಹನ ಮಾಲೀಕರು ವಾಹನ ತೆರಿಗೆ ಹಾಗೂ ದಂಡ ಪಾವತಿಸಿ ವಾಹನಗಳನ್ನು ಬಿಡಿಸಿಕೊಳ್ಳಬಹುದು. ಇಲ್ಲದಿದ್ದಲ್ಲಿ ಕೆಳಕಂಡ ವಾಹನಗಳನ್ನು ಕರ್ನಾಟಕ ಮೋಟಾರು ವಾಹನ ತೆರಿಗೆ ಕಾಯ್ದೆ 1957ರ ನಿಯಮ 11(a)(2)ರ ಅನ್ವಯ ದಿನಾಂಕ: 30-01-2026 ರಂದು ಬೆಳಿಗ್ಗೆ 12:00 ಗಂಟೆಗೆ ಕಛೇರಿ ಆವರಣದಲ್ಲಿ ಟೆಂಡರ್ ಕಂ ಬಹಿರಂಗ ಹರಾಜು ಮಾಡಲಾಗುವುದು. ಆಸಕ್ತ ಬಿಡ್‌ದಾರರು ಕಛೇರಿ ವೇಳೆಯಲ್ಲಿ ಹರಾಜಿನ ನಿಬಂಧನೆಗಳನ್ನು ಪರಿಶೀಲಿಸಬಹುದು.
ಕ್ರಸಂ	ವಾಹನದ ಸಂಖ್ಯೆ	ವಾಹನದ ಮಾದರಿ
01	KA-05-C-8159	MAXI CAB
02	KA-51-8911	PSV
03	KA-05-AA-2425	MAXI CAB
04	KA-01-AE-1949	MGV
05	KA-19-AB-8123	MOTOR CAB
ವಾಹನ ನಿಲುಗಡೆ ಮಾಡಿರುವ ಸ್ಥಳ: OFFICE COMPOUND
ಹರಾಜು ನಡೆಯುವ ಸ್ಥಳ: Regional Transport Office, No. 21st Main Road, Agara Village, 1st Sector, H.S.R. Layout, Bengaluru-560 102.
ಈ ಹರಾಜು ಅಧಿಸೂಚನೆಯನ್ನು ಯಾವುದೇ ಕಾರಣ ನೀಡದೆ ರದ್ದುಪಡಿಸುವ ಅಥವಾ ಮುಂದೂಡುವ ಹಕ್ಕನ್ನು ಪ್ರಾದೇಶಿಕ ಸಾರಿಗೆ ಅಧಿಕಾರಿ ಕಾಯ್ದಿರಿಸಿಕೊಂಡಿದ್ದಾರೆ.
DIPR/CP/5158/Zen/2025-26	ಸಹಿ/-
ಪ್ರಾದೇಶಿಕ ಸಾರಿಗೆ ಅಧಿಕಾರಿ - ಬೆಂಗಳೂರು (ಕೇಂದ್ರ)
Edited, Printed and Published by B.T. Amuthan on behalf of M/s Karnataka News Publications (P) Ltd., Printed at No. 12-3-221 Rajendra Gunj (apmc)Near Old SBI Bank Building , Raichur-584102. RNI No. KARKAN/2008/26484 Postal Regd No. 52/2012-2014
